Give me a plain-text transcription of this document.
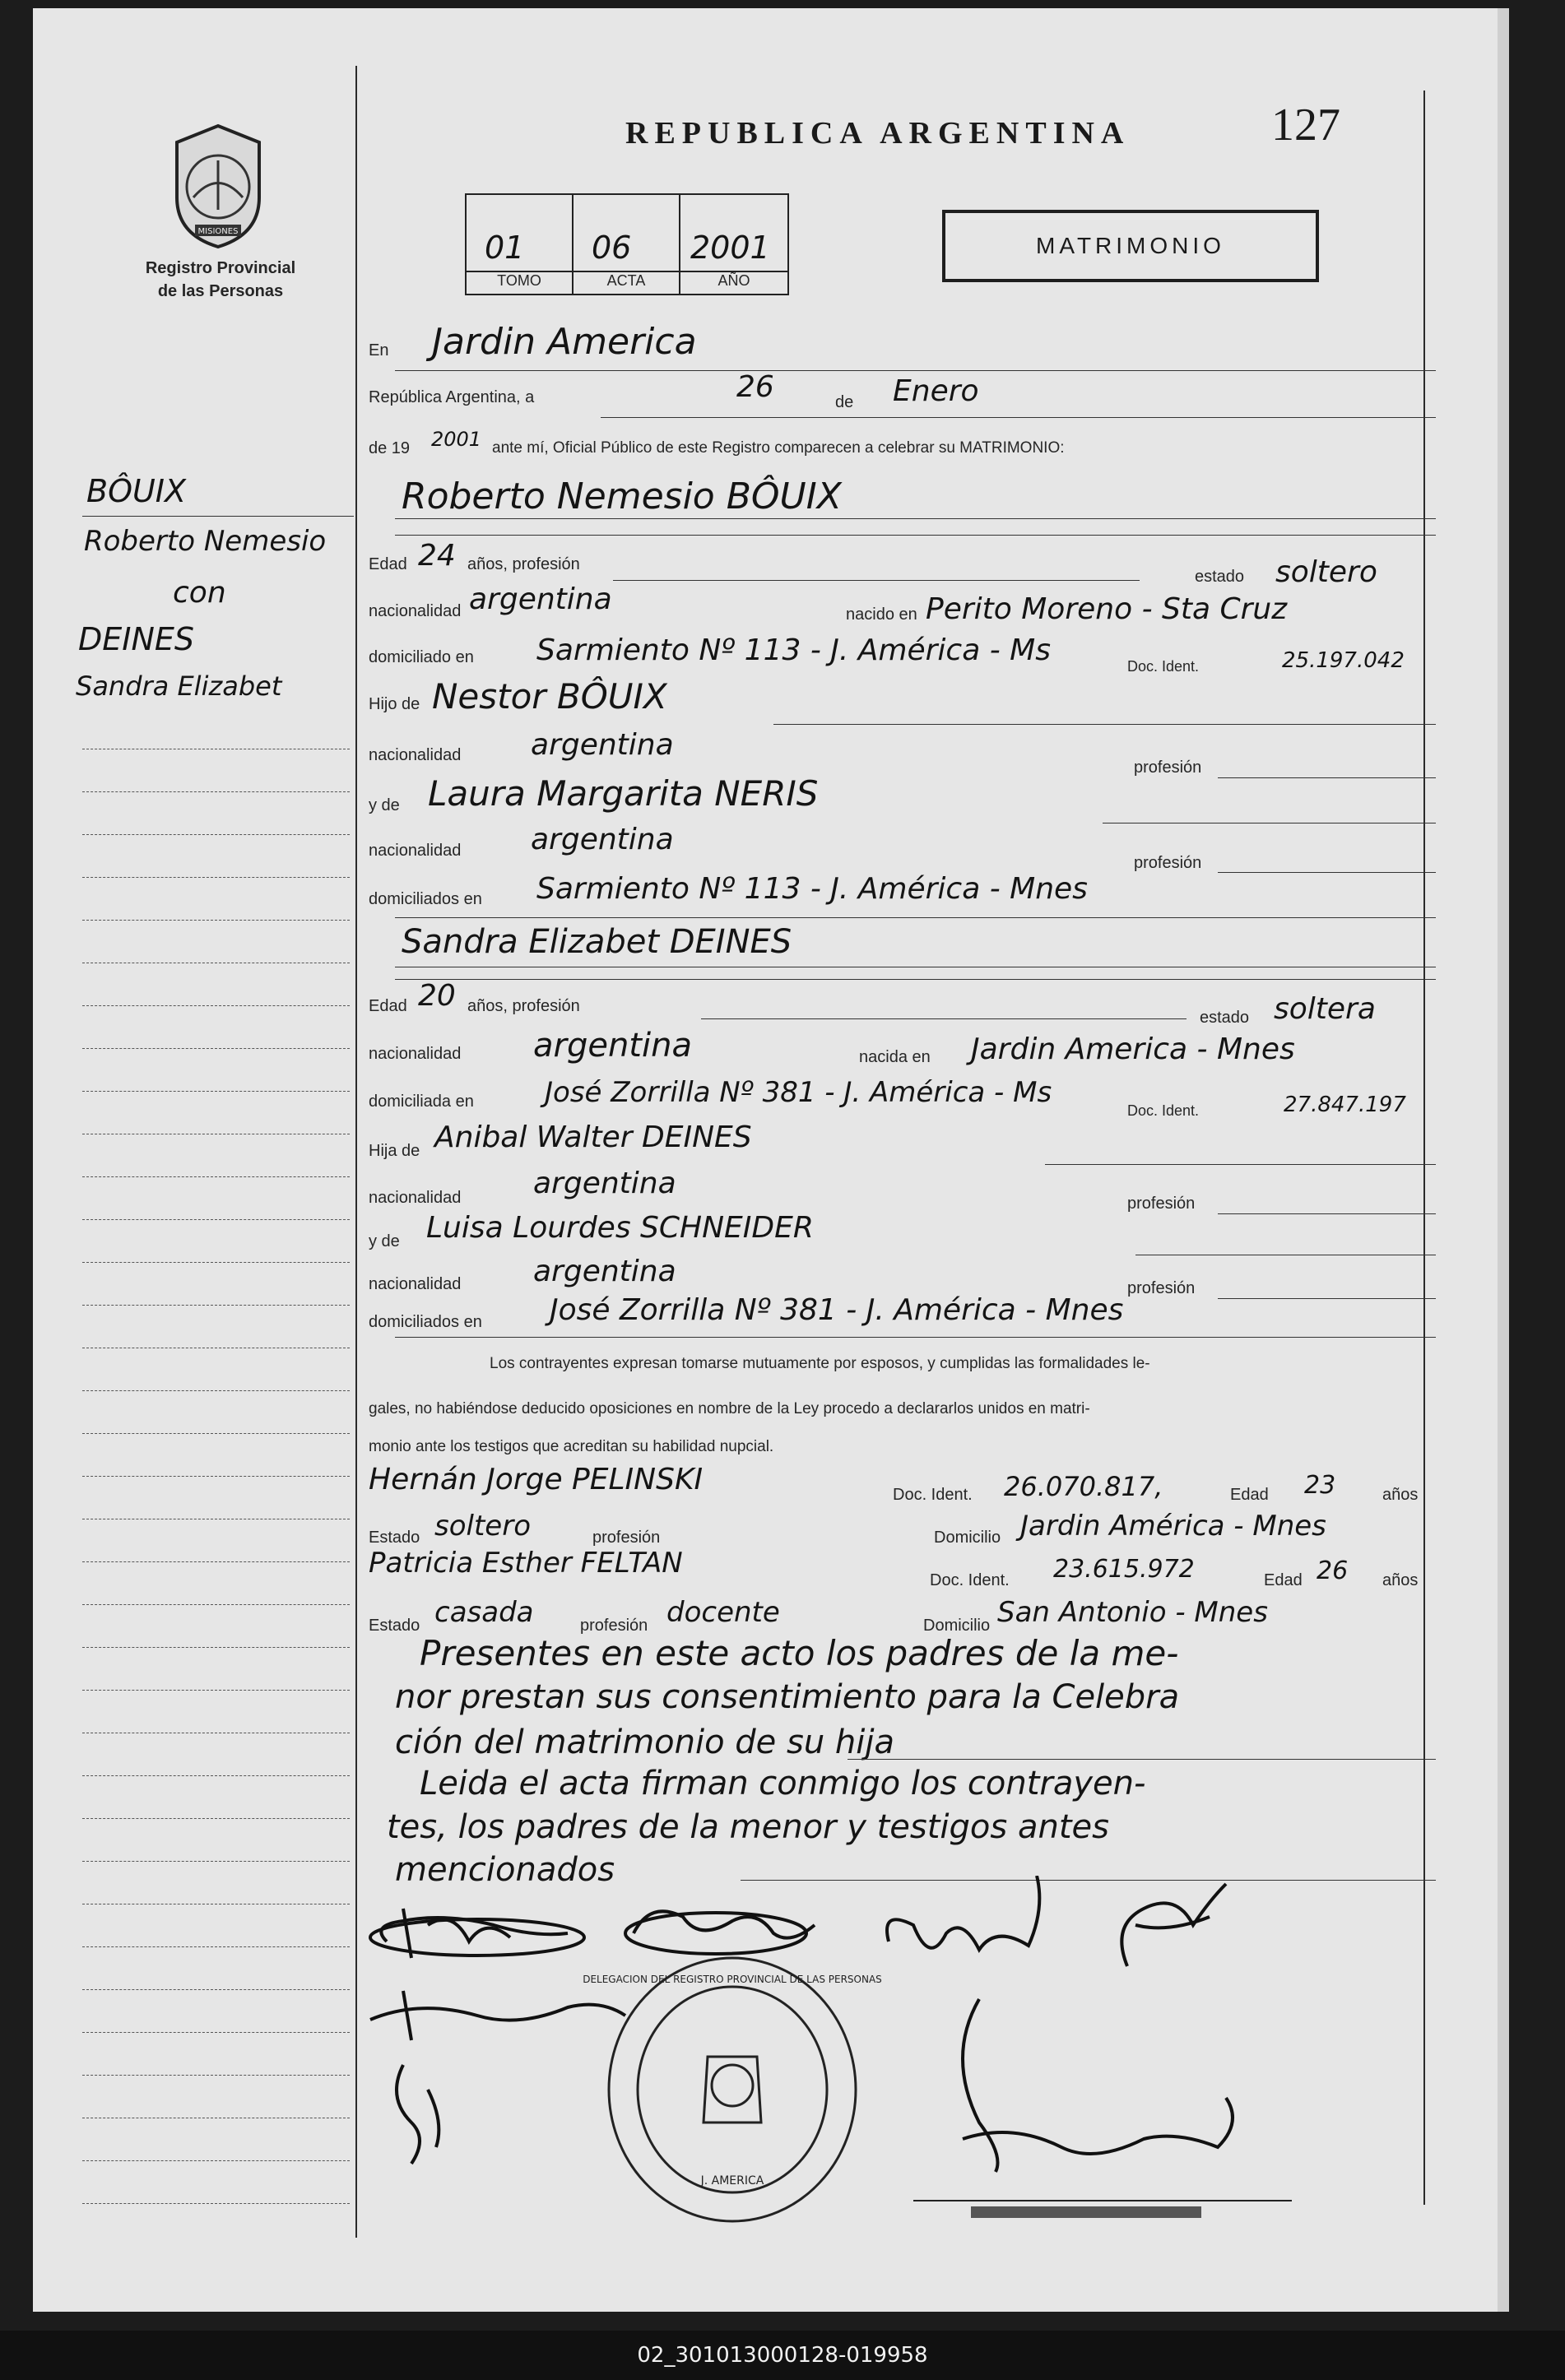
MISIONES
Registro Provincial
de las Personas
REPUBLICA ARGENTINA	127
01
TOMO
06
ACTA
2001
AÑO
MATRIMONIO
BÔUIX
Roberto Nemesio
con
DEINES
Sandra Elizabet
En Jardin America
República Argentina, a	26	de Enero
de 19 2001 ante mí, Oficial Público de este Registro comparecen a celebrar su MATRIMONIO:
Roberto Nemesio BÔUIX
Edad 24 años, profesión
estado soltero
nacionalidad argentina	nacido en Perito Moreno - Sta Cruz
domiciliado en Sarmiento Nº 113 - J. América - Ms	Doc. Ident.	25.197.042
Hijo de Nestor BÔUIX
nacionalidad argentina
profesión
y de Laura Margarita NERIS
nacionalidad argentina
profesión
domiciliados en Sarmiento Nº 113 - J. América - Mnes
Sandra Elizabet DEINES
Edad 20 años, profesión
estado soltera
nacionalidad argentina	nacida en Jardin America - Mnes
domiciliada en	José Zorrilla Nº 381 - J. América - Ms
Doc. Ident.	27.847.197
Hija de Anibal Walter DEINES
nacionalidad argentina
profesión
y de Luisa Lourdes SCHNEIDER
nacionalidad argentina	profesión
domiciliados en José Zorrilla Nº 381 - J. América - Mnes
Los contrayentes expresan tomarse mutuamente por esposos, y cumplidas las formalidades le-
gales, no habiéndose deducido oposiciones en nombre de la Ley procedo a declararlos unidos en matri-
monio ante los testigos que acreditan su habilidad nupcial.
Hernán Jorge PELINSKI	Doc. Ident. 26.070.817,	Edad 23	años
Estado soltero	profesión	Domicilio Jardin América - Mnes
Patricia Esther FELTAN
Doc. Ident. 23.615.972	Edad 26 años
Estado casada	profesión docente	Domicilio San Antonio - Mnes
Presentes en este acto los padres de la me-
nor prestan sus consentimiento para la Celebra
ción del matrimonio de su hija
Leida el acta firman conmigo los contrayen-
tes, los padres de la menor y testigos antes
mencionados
J. AMERICA
DELEGACION DEL REGISTRO PROVINCIAL DE LAS PERSONAS
02_301013000128-019958
